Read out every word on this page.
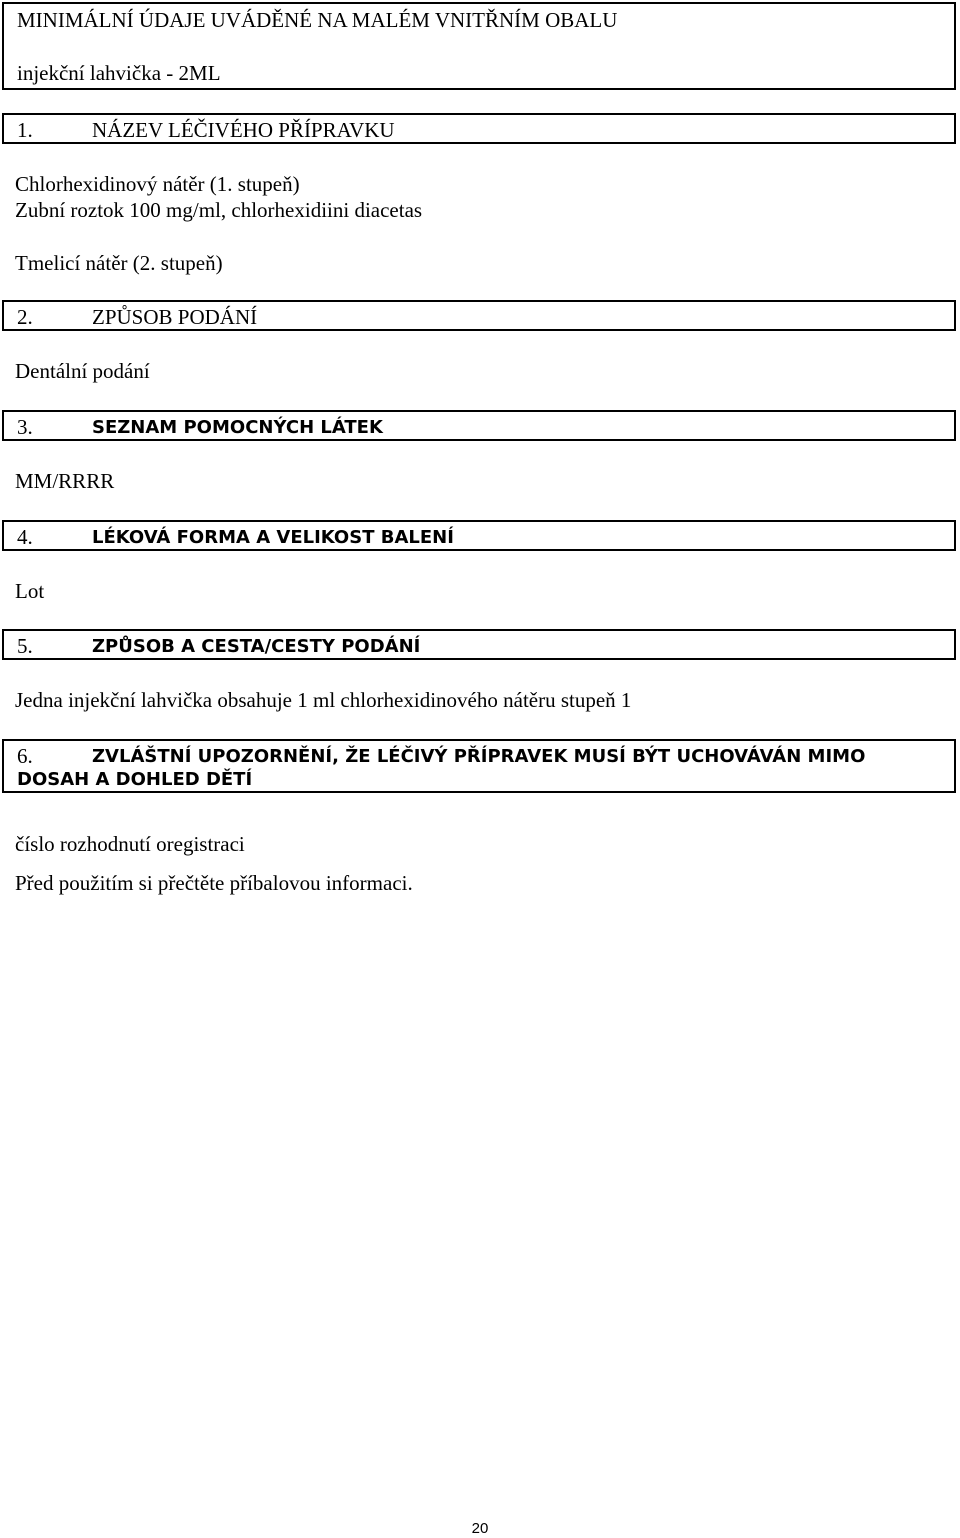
MINIMÁLNÍ ÚDAJE UVÁDĚNÉ NA MALÉM VNITŘNÍM OBALU
injekční lahvička - 2ML
1.	NÁZEV LÉČIVÉHO PŘÍPRAVKU
Chlorhexidinový nátěr (1. stupeň)
Zubní roztok 100 mg/ml, chlorhexidiini diacetas
Tmelicí nátěr (2. stupeň)
2.	ZPŮSOB PODÁNÍ
Dentální podání
3.	SEZNAM POMOCNÝCH LÁTEK
MM/RRRR
4.	LÉKOVÁ FORMA A VELIKOST BALENÍ
Lot
5.	ZPŮSOB A CESTA/CESTY PODÁNÍ
Jedna injekční lahvička obsahuje 1 ml chlorhexidinového nátěru stupeň 1
6.	ZVLÁŠTNÍ UPOZORNĚNÍ, ŽE LÉČIVÝ PŘÍPRAVEK MUSÍ BÝT UCHOVÁVÁN MIMO
DOSAH A DOHLED DĚTÍ
číslo rozhodnutí oregistraci
Před použitím si přečtěte příbalovou informaci.
20
